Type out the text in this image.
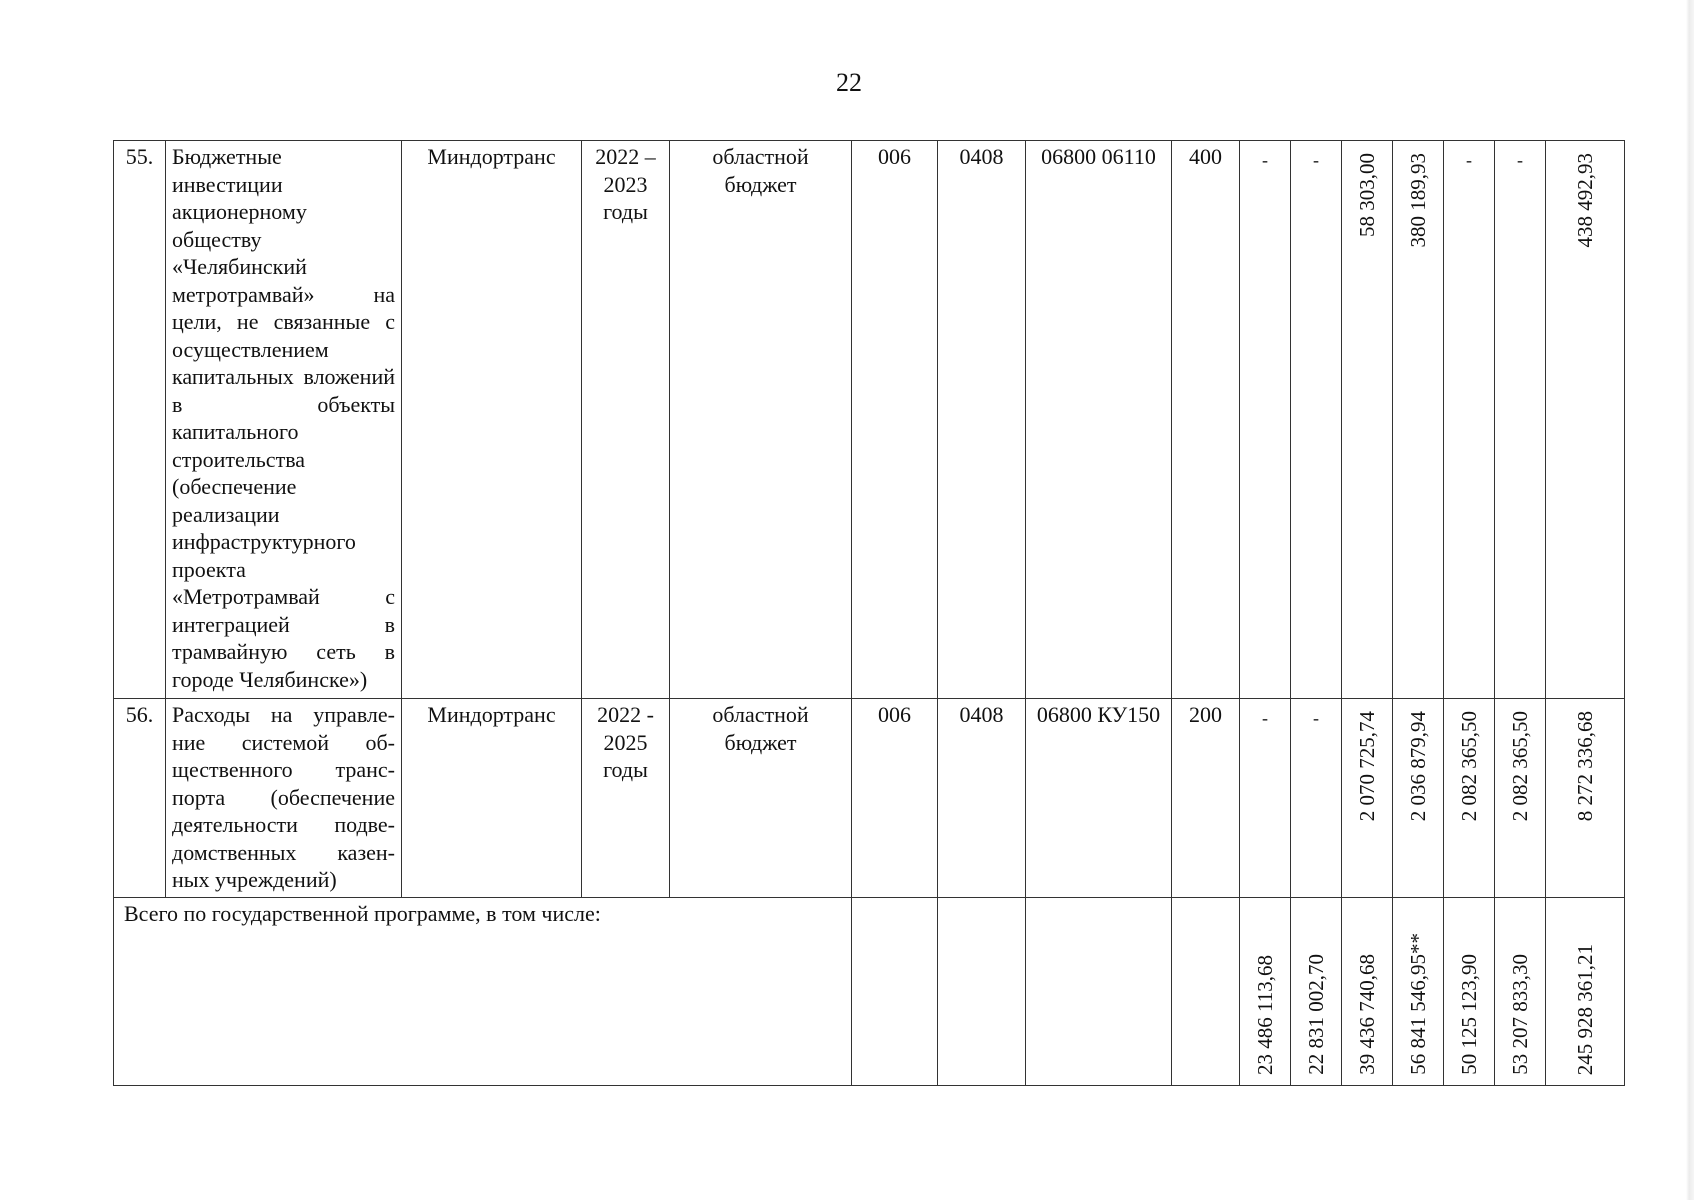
22
55.	Бюджетные инвестиции акционерному обществу «Челябинский метротрамвай» на цели, не связанные с осуществлением капитальных вложений в объекты капитального строительства (обеспечение реализации инфраструктурного проекта «Метротрамвай с интеграцией в трамвайную сеть в городе Челябинске»)	Миндортранс	2022 – 2023 годы	областной бюджет	006	0408	06800 06110	400	-	-	58 303,00	380 189,93	-	-	438 492,93

56.	Расходы на управле-ние системой об-щественного транс-порта (обеспечение деятельности подве-домственных казен-ных учреждений)	Миндортранс	2022 - 2025 годы	областной бюджет	006	0408	06800 КУ150	200	-	-	2 070 725,74	2 036 879,94	2 082 365,50	2 082 365,50	8 272 336,68

Всего по государственной программе, в том числе:									23 486 113,68	22 831 002,70	39 436 740,68	56 841 546,95**	50 125 123,90	53 207 833,30	245 928 361,21
